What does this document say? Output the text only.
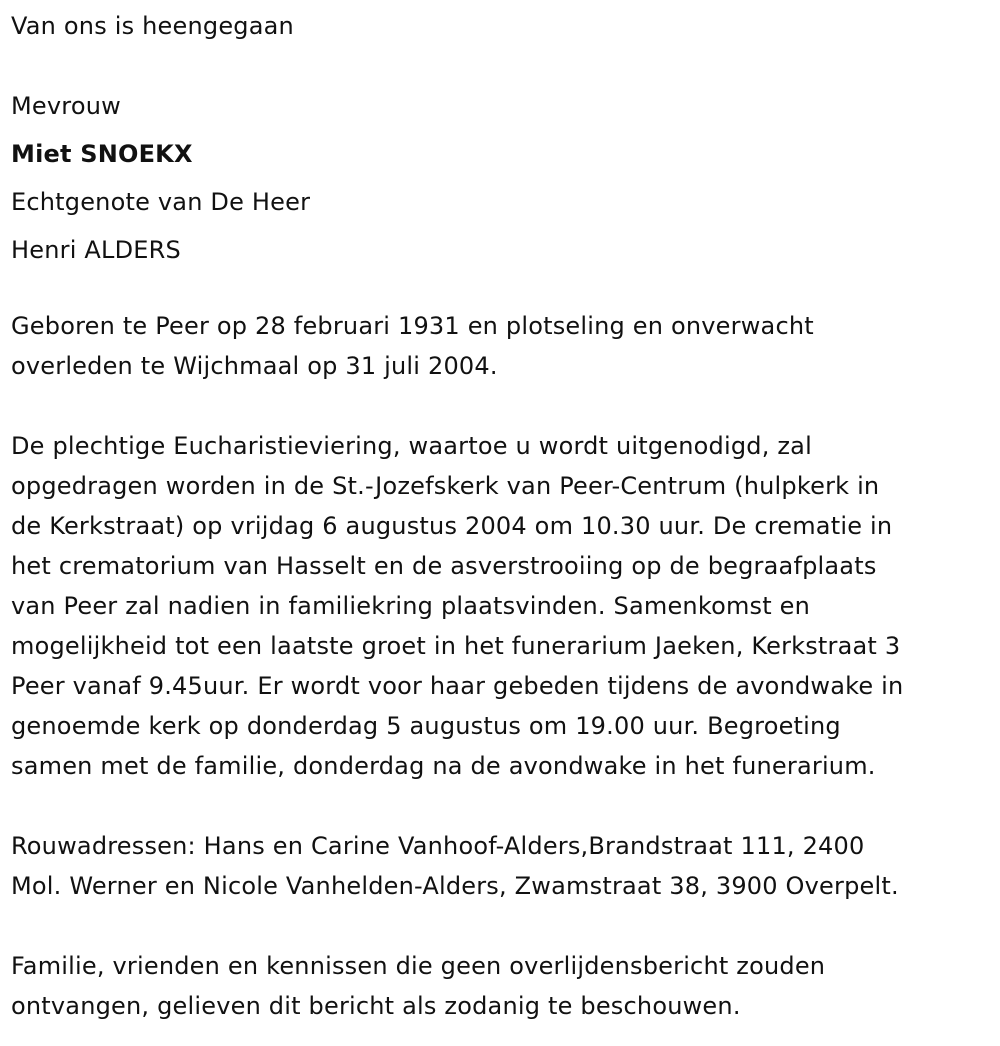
Van ons is heengegaan
Mevrouw
Miet SNOEKX
Echtgenote van De Heer
Henri ALDERS
Geboren te Peer op 28 februari 1931 en plotseling en onverwacht
overleden te Wijchmaal op 31 juli 2004.
De plechtige Eucharistieviering, waartoe u wordt uitgenodigd, zal
opgedragen worden in de St.-Jozefskerk van Peer-Centrum (hulpkerk in
de Kerkstraat) op vrijdag 6 augustus 2004 om 10.30 uur. De crematie in
het crematorium van Hasselt en de asverstrooiing op de begraafplaats
van Peer zal nadien in familiekring plaatsvinden. Samenkomst en
mogelijkheid tot een laatste groet in het funerarium Jaeken, Kerkstraat 3
Peer vanaf 9.45uur. Er wordt voor haar gebeden tijdens de avondwake in
genoemde kerk op donderdag 5 augustus om 19.00 uur. Begroeting
samen met de familie, donderdag na de avondwake in het funerarium.
Rouwadressen: Hans en Carine Vanhoof-Alders,Brandstraat 111, 2400
Mol. Werner en Nicole Vanhelden-Alders, Zwamstraat 38, 3900 Overpelt.
Familie, vrienden en kennissen die geen overlijdensbericht zouden
ontvangen, gelieven dit bericht als zodanig te beschouwen.
